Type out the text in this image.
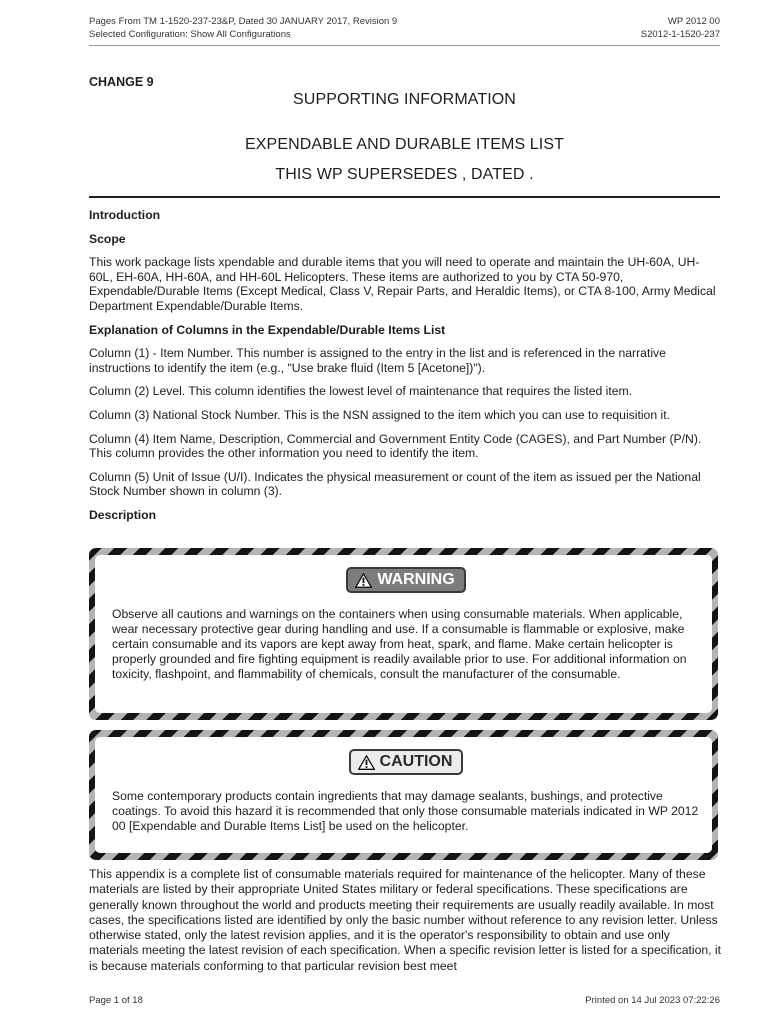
Pages From TM 1-1520-237-23&P, Dated 30 JANUARY 2017, Revision 9	WP 2012 00
Selected Configuration: Show All Configurations	S2012-1-1520-237
CHANGE 9
SUPPORTING INFORMATION
EXPENDABLE AND DURABLE ITEMS LIST
THIS WP SUPERSEDES , DATED .

Introduction

Scope

This work package lists xpendable and durable items that you will need to operate and maintain the UH-60A, UH-60L, EH-60A, HH-60A, and HH-60L Helicopters. These items are authorized to you by CTA 50-970, Expendable/Durable Items (Except Medical, Class V, Repair Parts, and Heraldic Items), or CTA 8-100, Army Medical Department Expendable/Durable Items.

Explanation of Columns in the Expendable/Durable Items List

Column (1) - Item Number. This number is assigned to the entry in the list and is referenced in the narrative instructions to identify the item (e.g., "Use brake fluid (Item 5 [Acetone])").

Column (2) Level. This column identifies the lowest level of maintenance that requires the listed item.

Column (3) National Stock Number. This is the NSN assigned to the item which you can use to requisition it.

Column (4) Item Name, Description, Commercial and Government Entity Code (CAGES), and Part Number (P/N). This column provides the other information you need to identify the item.

Column (5) Unit of Issue (U/I). Indicates the physical measurement or count of the item as issued per the National Stock Number shown in column (3).

Description

WARNING
Observe all cautions and warnings on the containers when using consumable materials. When applicable, wear necessary protective gear during handling and use. If a consumable is flammable or explosive, make certain consumable and its vapors are kept away from heat, spark, and flame. Make certain helicopter is properly grounded and fire fighting equipment is readily available prior to use. For additional information on toxicity, flashpoint, and flammability of chemicals, consult the manufacturer of the consumable.
CAUTION
Some contemporary products contain ingredients that may damage sealants, bushings, and protective coatings. To avoid this hazard it is recommended that only those consumable materials indicated in WP 2012 00 [Expendable and Durable Items List] be used on the helicopter.

This appendix is a complete list of consumable materials required for maintenance of the helicopter. Many of these materials are listed by their appropriate United States military or federal specifications. These specifications are generally known throughout the world and products meeting their requirements are usually readily available. In most cases, the specifications listed are identified by only the basic number without reference to any revision letter. Unless otherwise stated, only the latest revision applies, and it is the operator's responsibility to obtain and use only materials meeting the latest revision of each specification. When a specific revision letter is listed for a specification, it is because materials conforming to that particular revision best meet

Page 1 of 18	Printed on 14 Jul 2023 07:22:26
